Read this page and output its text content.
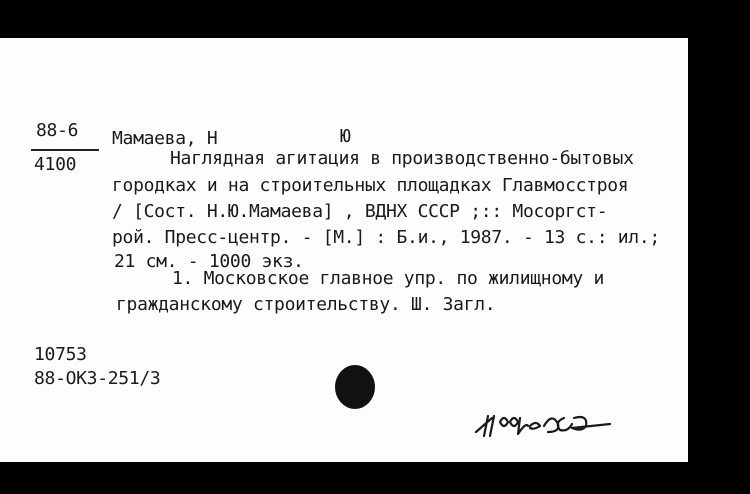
88-6
4100
Мамаева, Н	Ю
Наглядная агитация в производственно-бытовых
городках и на строительных площадках Главмосстроя
/ [Сост. Н.Ю.Мамаева] , ВДНХ СССР ;:: Мосоргст-
рой. Пресс-центр. - [М.] : Б.и., 1987. - 13 с.: ил.;
21 см. - 1000 экз.
1. Московское главное упр. по жилищному и
гражданскому строительству. Ш. Загл.
10753
88-ОКЗ-251/3
